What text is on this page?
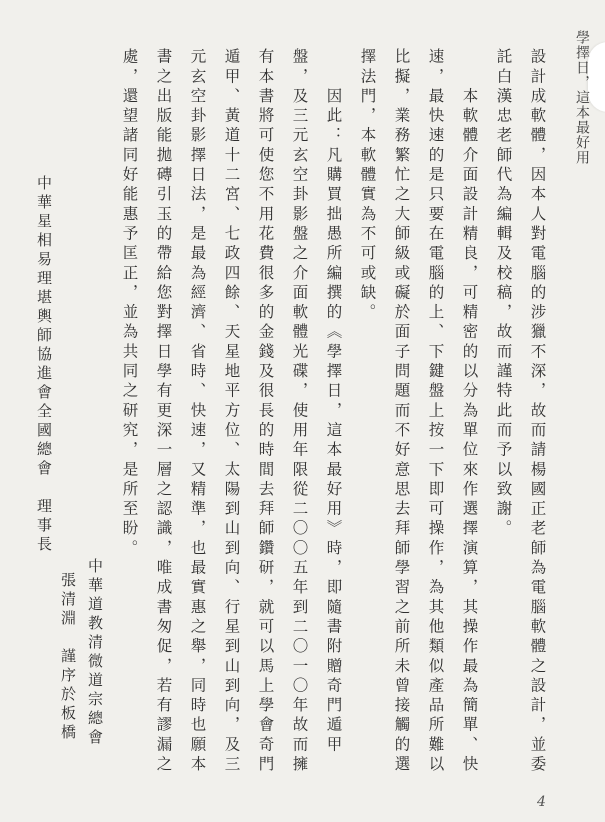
學擇日，這本最好用
設計成軟體，因本人對電腦的涉獵不深，故而請楊國正老師為電腦軟體之設計，並委
託白漢忠老師代為編輯及校稿，故而謹特此而予以致謝。
　　本軟體介面設計精良，可精密的以分為單位來作選擇演算，其操作最為簡單、快
速，最快速的是只要在電腦的上、下鍵盤上按一下即可操作，為其他類似產品所難以
比擬，業務繁忙之大師級或礙於面子問題而不好意思去拜師學習之前所未曾接觸的選
擇法門，本軟體實為不可或缺。
　　因此：凡購買拙愚所編撰的《學擇日，這本最好用》時，即隨書附贈奇門遁甲
盤，及三元玄空卦影盤之介面軟體光碟，使用年限從二〇〇五年到二〇一〇年故而擁
有本書將可使您不用花費很多的金錢及很長的時間去拜師鑽研，就可以馬上學會奇門
遁甲、黃道十二宮、七政四餘、天星地平方位、太陽到山到向、行星到山到向，及三
元玄空卦影擇日法，是最為經濟、省時、快速，又精準，也最實惠之舉，同時也願本
書之出版能拋磚引玉的帶給您對擇日學有更深一層之認識，唯成書匆促，若有謬漏之
處，還望諸同好能惠予匡正，並為共同之研究，是所至盼。
中華道教清微道宗總會
張清淵　謹序於板橋
中華星相易理堪輿師協進會全國總會　理事長
4
